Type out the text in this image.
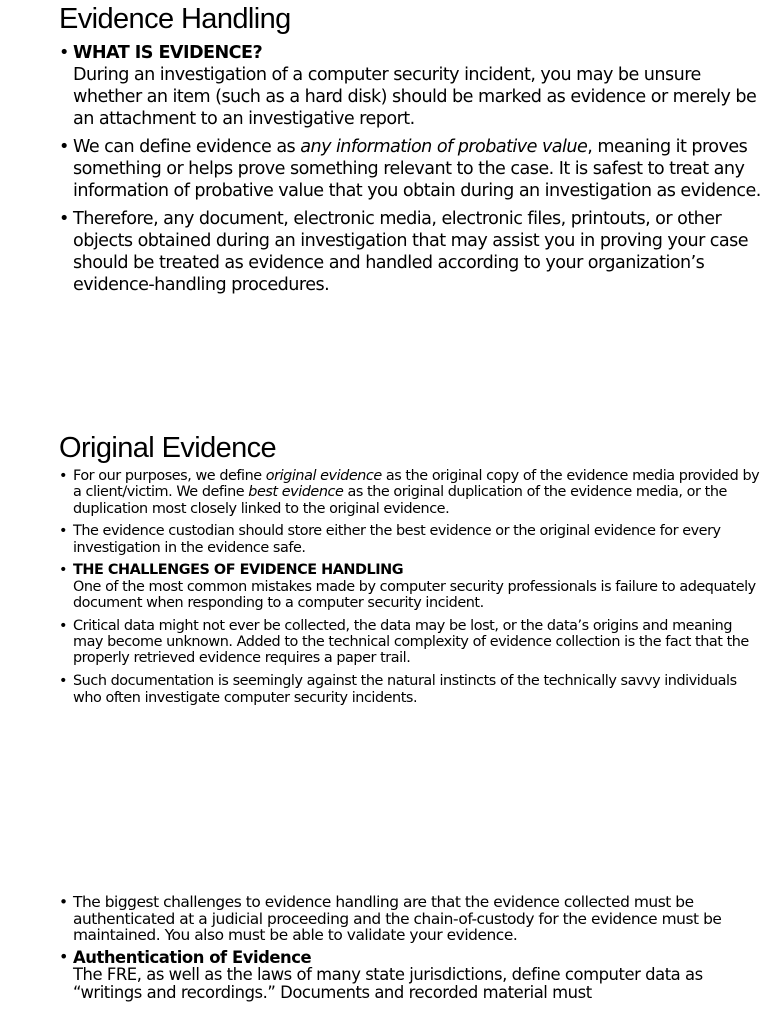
Evidence Handling
• WHAT IS EVIDENCE?
During an investigation of a computer security incident, you may be unsure whether an item (such as a hard disk) should be marked as evidence or merely be an attachment to an investigative report.
• We can define evidence as any information of probative value, meaning it proves something or helps prove something relevant to the case. It is safest to treat any information of probative value that you obtain during an investigation as evidence.
• Therefore, any document, electronic media, electronic files, printouts, or other objects obtained during an investigation that may assist you in proving your case should be treated as evidence and handled according to your organization’s evidence-handling procedures.
Original Evidence
• For our purposes, we define original evidence as the original copy of the evidence media provided by a client/victim. We define best evidence as the original duplication of the evidence media, or the duplication most closely linked to the original evidence.
• The evidence custodian should store either the best evidence or the original evidence for every investigation in the evidence safe.
• THE CHALLENGES OF EVIDENCE HANDLING
One of the most common mistakes made by computer security professionals is failure to adequately document when responding to a computer security incident.
• Critical data might not ever be collected, the data may be lost, or the data’s origins and meaning may become unknown. Added to the technical complexity of evidence collection is the fact that the properly retrieved evidence requires a paper trail.
• Such documentation is seemingly against the natural instincts of the technically savvy individuals who often investigate computer security incidents.
• The biggest challenges to evidence handling are that the evidence collected must be authenticated at a judicial proceeding and the chain-of-custody for the evidence must be maintained. You also must be able to validate your evidence.
• Authentication of Evidence
The FRE, as well as the laws of many state jurisdictions, define computer data as “writings and recordings.” Documents and recorded material must
